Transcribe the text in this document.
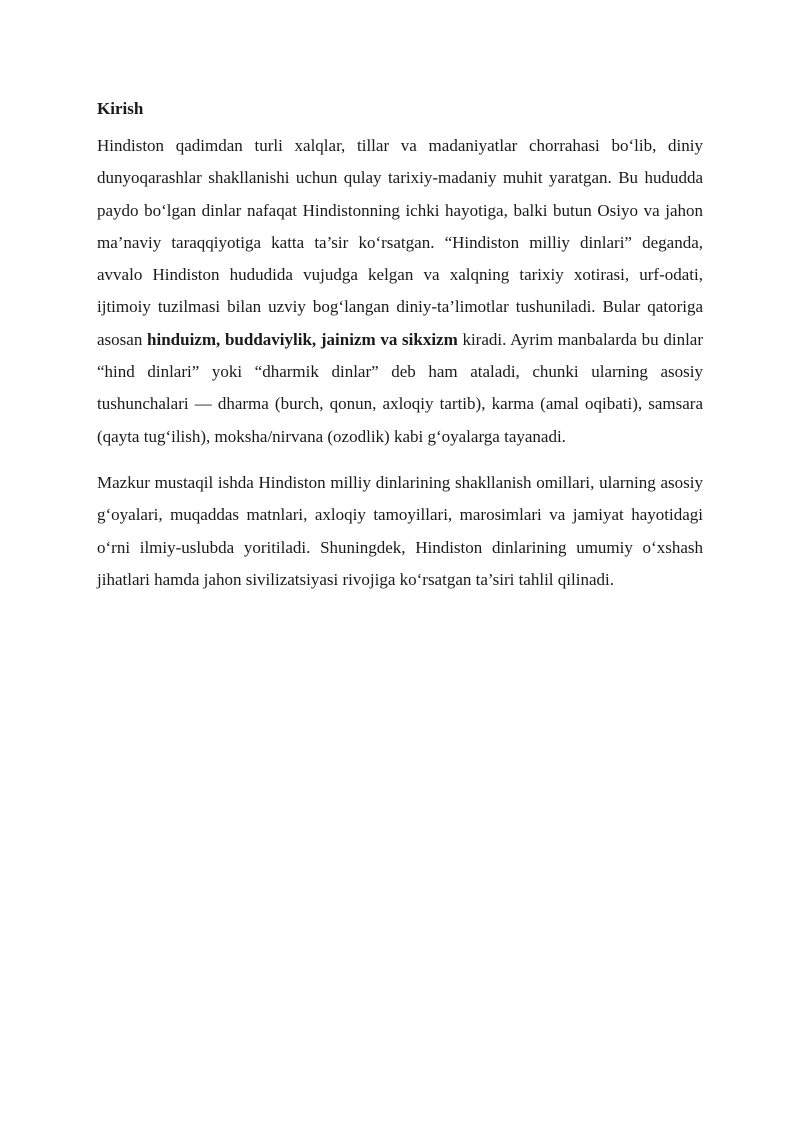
Kirish

Hindiston qadimdan turli xalqlar, tillar va madaniyatlar chorrahasi bo‘lib, diniy dunyoqarashlar shakllanishi uchun qulay tarixiy-madaniy muhit yaratgan. Bu hududda paydo bo‘lgan dinlar nafaqat Hindistonning ichki hayotiga, balki butun Osiyo va jahon ma’naviy taraqqiyotiga katta ta’sir ko‘rsatgan. “Hindiston milliy dinlari” deganda, avvalo Hindiston hududida vujudga kelgan va xalqning tarixiy xotirasi, urf-odati, ijtimoiy tuzilmasi bilan uzviy bog‘langan diniy-ta’limotlar tushuniladi. Bular qatoriga asosan hinduizm, buddaviylik, jainizm va sikxizm kiradi. Ayrim manbalarda bu dinlar “hind dinlari” yoki “dharmik dinlar” deb ham ataladi, chunki ularning asosiy tushunchalari — dharma (burch, qonun, axloqiy tartib), karma (amal oqibati), samsara (qayta tug‘ilish), moksha/nirvana (ozodlik) kabi g‘oyalarga tayanadi.

Mazkur mustaqil ishda Hindiston milliy dinlarining shakllanish omillari, ularning asosiy g‘oyalari, muqaddas matnlari, axloqiy tamoyillari, marosimlari va jamiyat hayotidagi o‘rni ilmiy-uslubda yoritiladi. Shuningdek, Hindiston dinlarining umumiy o‘xshash jihatlari hamda jahon sivilizatsiyasi rivojiga ko‘rsatgan ta’siri tahlil qilinadi.
